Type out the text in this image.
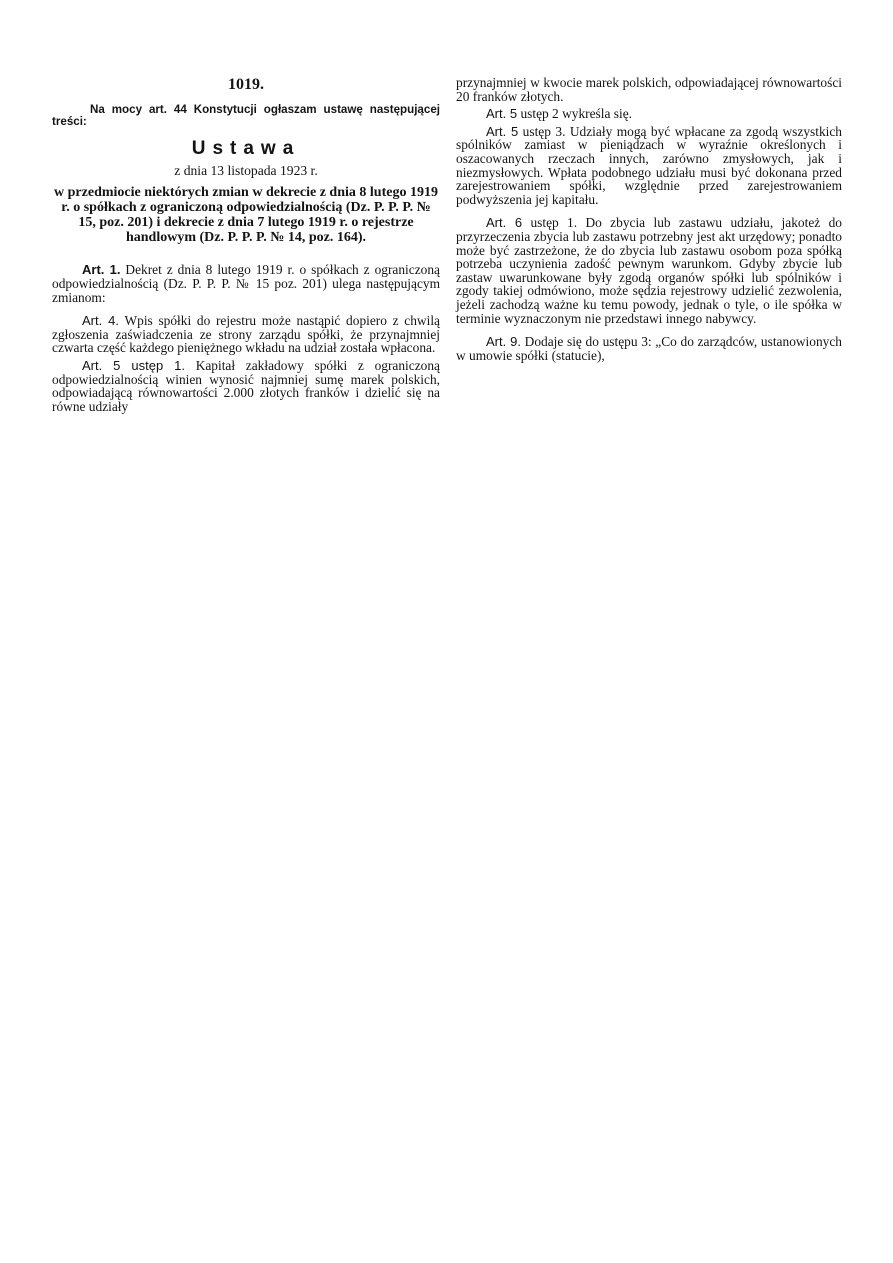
1019.

Na mocy art. 44 Konstytucji ogłaszam ustawę następującej treści:

Ustawa

z dnia 13 listopada 1923 r.

w przedmiocie niektórych zmian w dekrecie z dnia 8 lutego 1919 r. o spółkach z ograniczoną odpowiedzialnością (Dz. P. P. P. № 15, poz. 201) i dekrecie z dnia 7 lutego 1919 r. o rejestrze handlowym (Dz. P. P. P. № 14, poz. 164).

Art. 1. Dekret z dnia 8 lutego 1919 r. o spółkach z ograniczoną odpowiedzialnością (Dz. P. P. P. № 15 poz. 201) ulega następującym zmianom:

Art. 4. Wpis spółki do rejestru może nastąpić dopiero z chwilą zgłoszenia zaświadczenia ze strony zarządu spółki, że przynajmniej czwarta część każdego pieniężnego wkładu na udział została wpłacona.

Art. 5 ustęp 1. Kapitał zakładowy spółki z ograniczoną odpowiedzialnością winien wynosić najmniej sumę marek polskich, odpowiadającą równowartości 2.000 złotych franków i dzielić się na równe udziały

przynajmniej w kwocie marek polskich, odpowiadającej równowartości 20 franków złotych.

Art. 5 ustęp 2 wykreśla się.

Art. 5 ustęp 3. Udziały mogą być wpłacane za zgodą wszystkich spólników zamiast w pieniądzach w wyraźnie określonych i oszacowanych rzeczach innych, zarówno zmysłowych, jak i niezmysłowych. Wpłata podobnego udziału musi być dokonana przed zarejestrowaniem spółki, względnie przed zarejestrowaniem podwyższenia jej kapitału.

Art. 6 ustęp 1. Do zbycia lub zastawu udziału, jakoteż do przyrzeczenia zbycia lub zastawu potrzebny jest akt urzędowy; ponadto może być zastrzeżone, że do zbycia lub zastawu osobom poza spółką potrzeba uczynienia zadość pewnym warunkom. Gdyby zbycie lub zastaw uwarunkowane były zgodą organów spółki lub spólników i zgody takiej odmówiono, może sędzia rejestrowy udzielić zezwolenia, jeżeli zachodzą ważne ku temu powody, jednak o tyle, o ile spółka w terminie wyznaczonym nie przedstawi innego nabywcy.

Art. 9. Dodaje się do ustępu 3: „Co do zarządców, ustanowionych w umowie spółki (statucie),
